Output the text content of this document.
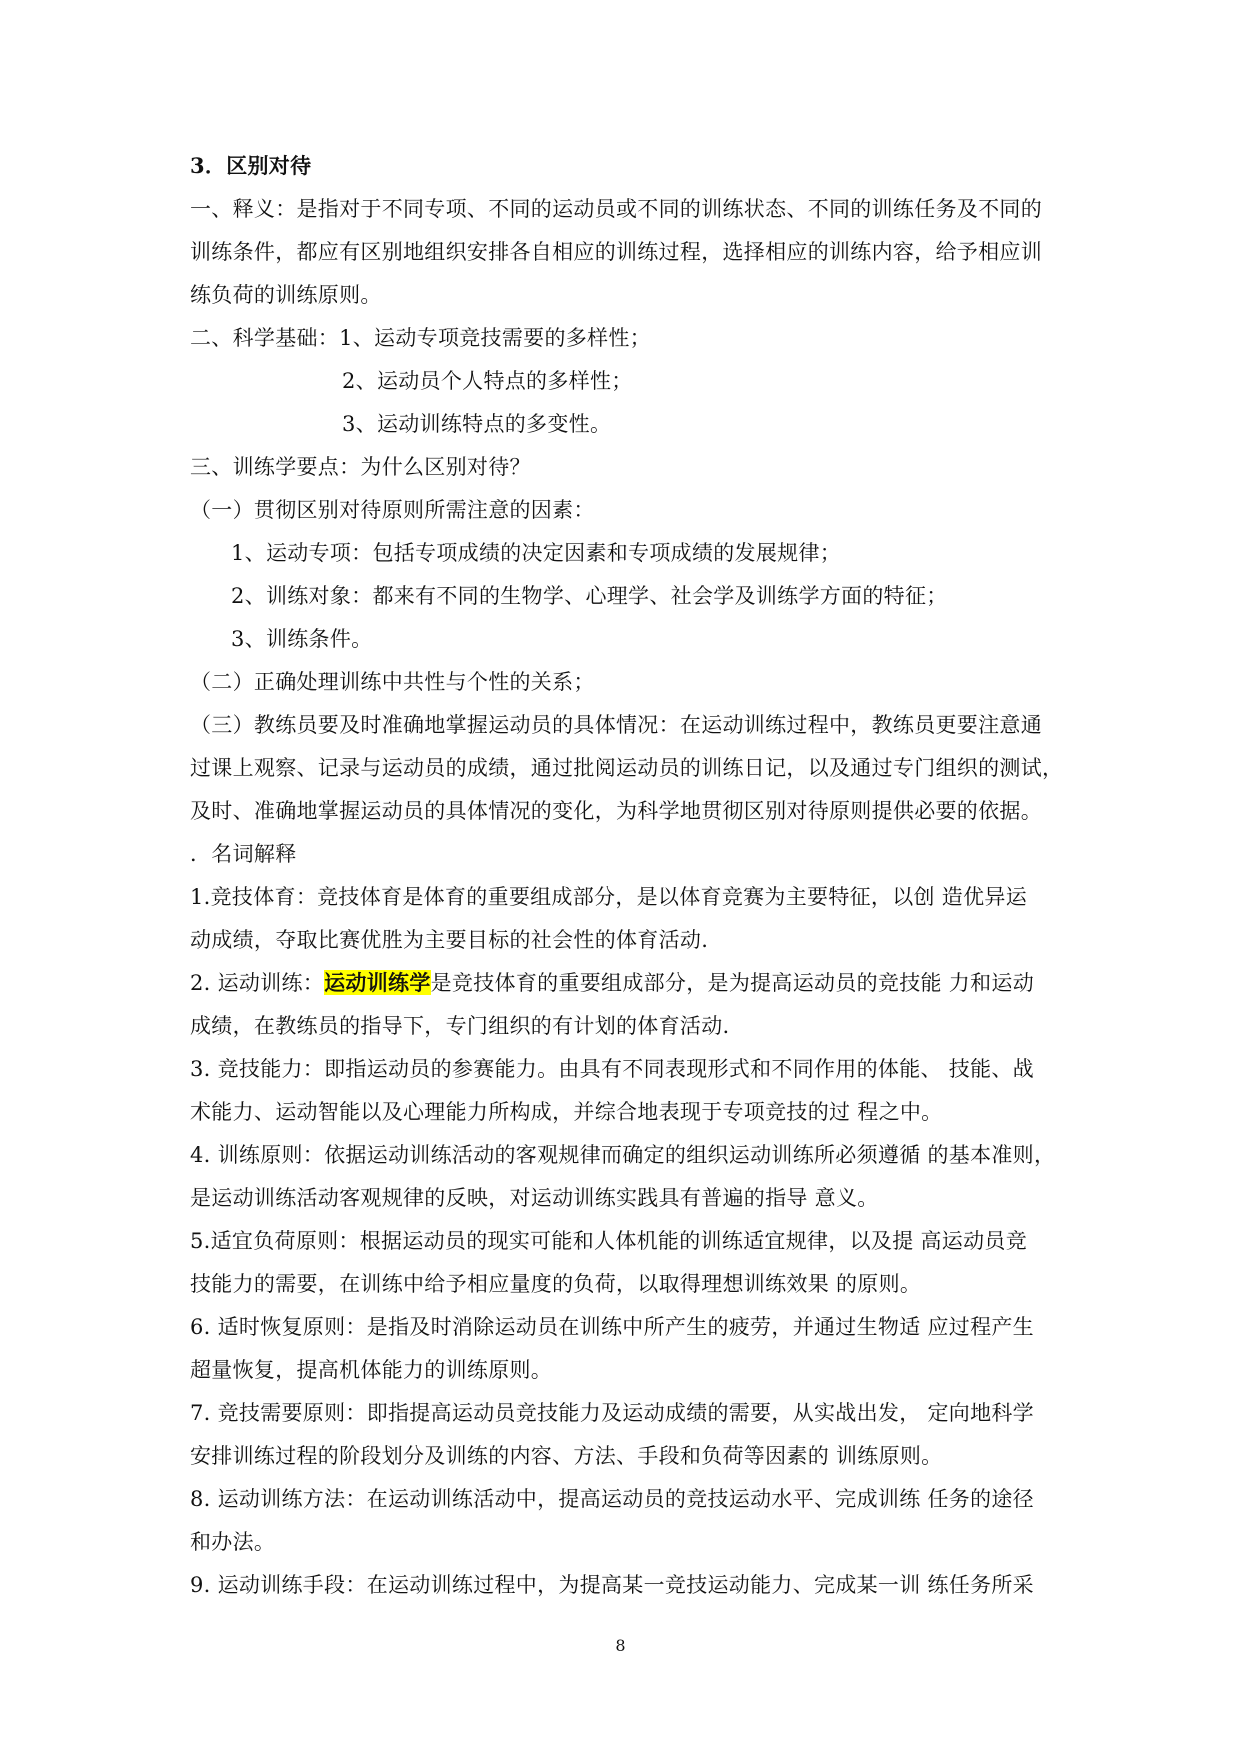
3．区别对待
一、释义：是指对于不同专项、不同的运动员或不同的训练状态、不同的训练任务及不同的
训练条件，都应有区别地组织安排各自相应的训练过程，选择相应的训练内容，给予相应训
练负荷的训练原则。
二、科学基础：1、运动专项竞技需要的多样性；
2、运动员个人特点的多样性；
3、运动训练特点的多变性。
三、训练学要点：为什么区别对待？
（一）贯彻区别对待原则所需注意的因素：
1、运动专项：包括专项成绩的决定因素和专项成绩的发展规律；
2、训练对象：都来有不同的生物学、心理学、社会学及训练学方面的特征；
3、训练条件。
（二）正确处理训练中共性与个性的关系；
（三）教练员要及时准确地掌握运动员的具体情况：在运动训练过程中，教练员更要注意通
过课上观察、记录与运动员的成绩，通过批阅运动员的训练日记，以及通过专门组织的测试，
及时、准确地掌握运动员的具体情况的变化，为科学地贯彻区别对待原则提供必要的依据。
．名词解释
1.竞技体育：竞技体育是体育的重要组成部分，是以体育竞赛为主要特征，以创 造优异运
动成绩，夺取比赛优胜为主要目标的社会性的体育活动.
2. 运动训练：运动训练学是竞技体育的重要组成部分，是为提高运动员的竞技能 力和运动
成绩，在教练员的指导下，专门组织的有计划的体育活动.
3. 竞技能力：即指运动员的参赛能力。由具有不同表现形式和不同作用的体能、 技能、战
术能力、运动智能以及心理能力所构成，并综合地表现于专项竞技的过 程之中。
4. 训练原则：依据运动训练活动的客观规律而确定的组织运动训练所必须遵循 的基本准则，
是运动训练活动客观规律的反映，对运动训练实践具有普遍的指导 意义。
5.适宜负荷原则：根据运动员的现实可能和人体机能的训练适宜规律，以及提 高运动员竞
技能力的需要，在训练中给予相应量度的负荷，以取得理想训练效果 的原则。
6. 适时恢复原则：是指及时消除运动员在训练中所产生的疲劳，并通过生物适 应过程产生
超量恢复，提高机体能力的训练原则。
7. 竞技需要原则：即指提高运动员竞技能力及运动成绩的需要，从实战出发， 定向地科学
安排训练过程的阶段划分及训练的内容、方法、手段和负荷等因素的 训练原则。
8. 运动训练方法：在运动训练活动中，提高运动员的竞技运动水平、完成训练 任务的途径
和办法。
9. 运动训练手段：在运动训练过程中，为提高某一竞技运动能力、完成某一训 练任务所采
8
